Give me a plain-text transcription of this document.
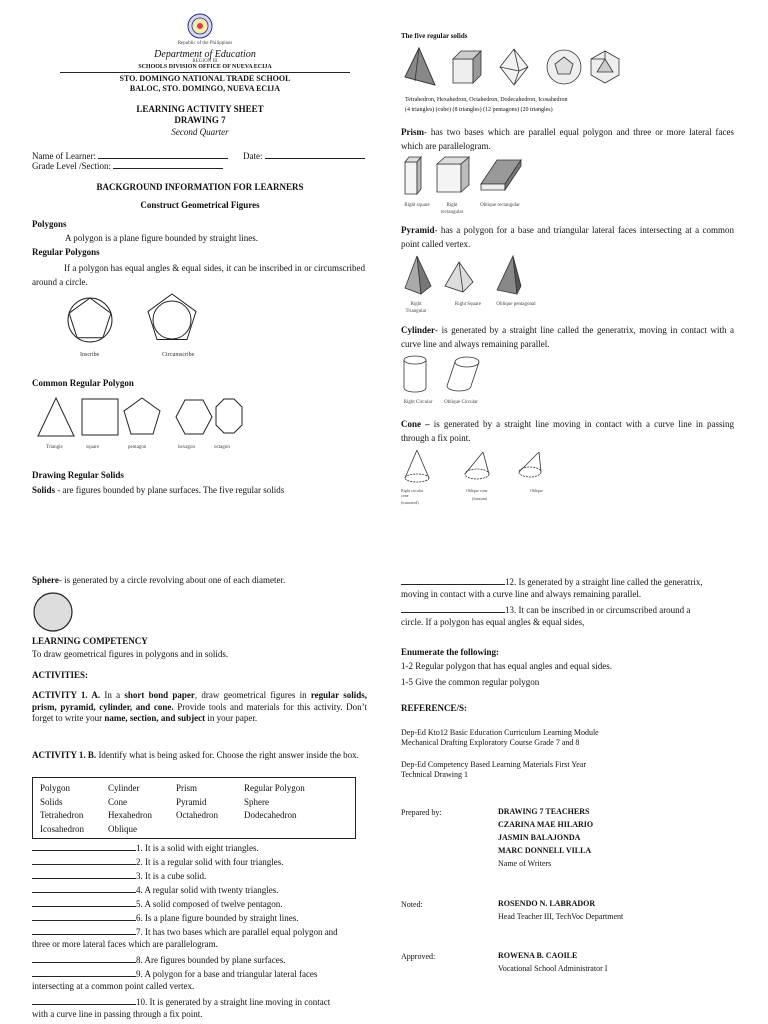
Republic of the Philippines
Department of Education
REGION III
SCHOOLS DIVISION OFFICE OF NUEVA ECIJA
STO. DOMINGO NATIONAL TRADE SCHOOL
BALOC, STO. DOMINGO, NUEVA ECIJA
LEARNING ACTIVITY SHEET
DRAWING 7
Second Quarter
Name of Learner:	Date:
Grade Level /Section:
BACKGROUND INFORMATION FOR LEARNERS
Construct Geometrical Figures
Polygons
A polygon is a plane figure bounded by straight lines.
Regular Polygons
If a polygon has equal angles & equal sides, it can be inscribed in or circumscribed around a circle.
Inscribe	Circumscribe
Common Regular Polygon
Triangle	square	pentagon	hexagon	octagon
Drawing Regular Solids
Solids - are figures bounded by plane surfaces. The five regular solids
The five regular solids
Tetrahedron, Hexahedron, Octahedron, Dodecahedron, Icosahedron
(4 triangles) (cube) (8 triangles) (12 pentagons) (20 triangles)
Prism- has two bases which are parallel equal polygon and three or more lateral faces which are parallelogram.
Right square	Right rectangular
Oblique rectangular
Pyramid- has a polygon for a base and triangular lateral faces intersecting at a common point called vertex.
Right Triangular
Right Square	Oblique pentagonal
Cylinder- is generated by a straight line called the generatrix, moving in contact with a curve line and always remaining parallel.
Right Circular Oblique Circular
Cone – is generated by a straight line moving in contact with a curve line in passing through a fix point.
Right circular cone
Oblique cone	Oblique
(truncated)
(frustum)
Sphere- is generated by a circle revolving about one of each diameter.
LEARNING COMPETENCY
To draw geometrical figures in polygons and in solids.
ACTIVITIES:
ACTIVITY 1. A. In a short bond paper, draw geometrical figures in regular solids, prism, pyramid, cylinder, and cone. Provide tools and materials for this activity. Don’t forget to write your name, section, and subject in your paper.
ACTIVITY 1. B. Identify what is being asked for. Choose the right answer inside the box.
Polygon	Cylinder	Prism	Regular Polygon
Solids	Cone	Pyramid	Sphere
Tetrahedron	Hexahedron	Octahedron	Dodecahedron
Icosahedron	Oblique		
1. It is a solid with eight triangles.
2. It is a regular solid with four triangles.
3. It is a cube solid.
4. A regular solid with twenty triangles.
5. A solid composed of twelve pentagon.
6. Is a plane figure bounded by straight lines.
7. It has two bases which are parallel equal polygon and
three or more lateral faces which are parallelogram.
8. Are figures bounded by plane surfaces.
9. A polygon for a base and triangular lateral faces
intersecting at a common point called vertex.
10. It is generated by a straight line moving in contact
with a curve line in passing through a fix point.
12. Is generated by a straight line called the generatrix,
moving in contact with a curve line and always remaining parallel.
13. It can be inscribed in or circumscribed around a
circle. If a polygon has equal angles & equal sides,
Enumerate the following:
1-2 Regular polygon that has equal angles and equal sides.
1-5 Give the common regular polygon
REFERENCE/S:
Dep-Ed Kto12 Basic Education Curriculum Learning Module
Mechanical Drafting Exploratory Course Grade 7 and 8
Dep-Ed Competency Based Learning Materials First Year
Technical Drawing 1
Prepared by:	DRAWING 7 TEACHERS
CZARINA MAE HILARIO
JASMIN BALAJONDA
MARC DONNELL VILLA
Name of Writers
Noted:	ROSENDO N. LABRADOR
Head Teacher III, TechVoc Department
Approved:	ROWENA B. CAOILE
Vocational School Administrator I
